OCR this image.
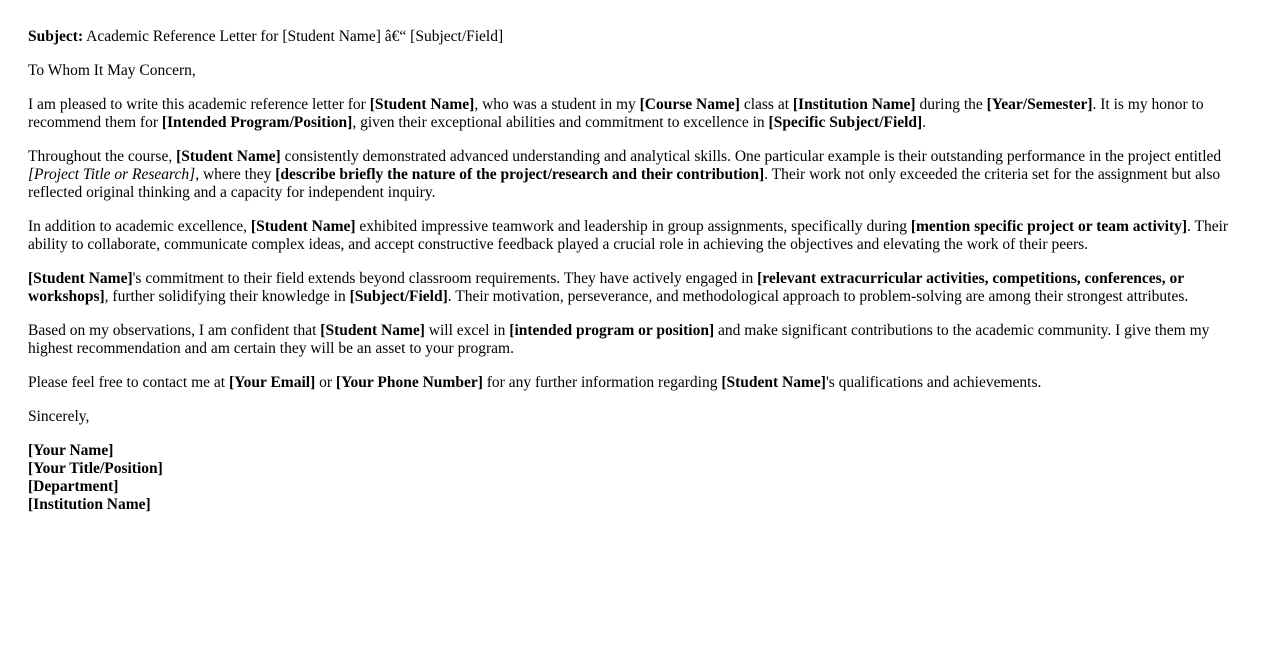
Subject: Academic Reference Letter for [Student Name] â€“ [Subject/Field]

To Whom It May Concern,

I am pleased to write this academic reference letter for [Student Name], who was a student in my [Course Name] class at [Institution Name] during the [Year/Semester]. It is my honor to recommend them for [Intended Program/Position], given their exceptional abilities and commitment to excellence in [Specific Subject/Field].

Throughout the course, [Student Name] consistently demonstrated advanced understanding and analytical skills. One particular example is their outstanding performance in the project entitled [Project Title or Research], where they [describe briefly the nature of the project/research and their contribution]. Their work not only exceeded the criteria set for the assignment but also reflected original thinking and a capacity for independent inquiry.

In addition to academic excellence, [Student Name] exhibited impressive teamwork and leadership in group assignments, specifically during [mention specific project or team activity]. Their ability to collaborate, communicate complex ideas, and accept constructive feedback played a crucial role in achieving the objectives and elevating the work of their peers.

[Student Name]'s commitment to their field extends beyond classroom requirements. They have actively engaged in [relevant extracurricular activities, competitions, conferences, or workshops], further solidifying their knowledge in [Subject/Field]. Their motivation, perseverance, and methodological approach to problem-solving are among their strongest attributes.

Based on my observations, I am confident that [Student Name] will excel in [intended program or position] and make significant contributions to the academic community. I give them my highest recommendation and am certain they will be an asset to your program.

Please feel free to contact me at [Your Email] or [Your Phone Number] for any further information regarding [Student Name]'s qualifications and achievements.

Sincerely,

[Your Name]
[Your Title/Position]
[Department]
[Institution Name]
